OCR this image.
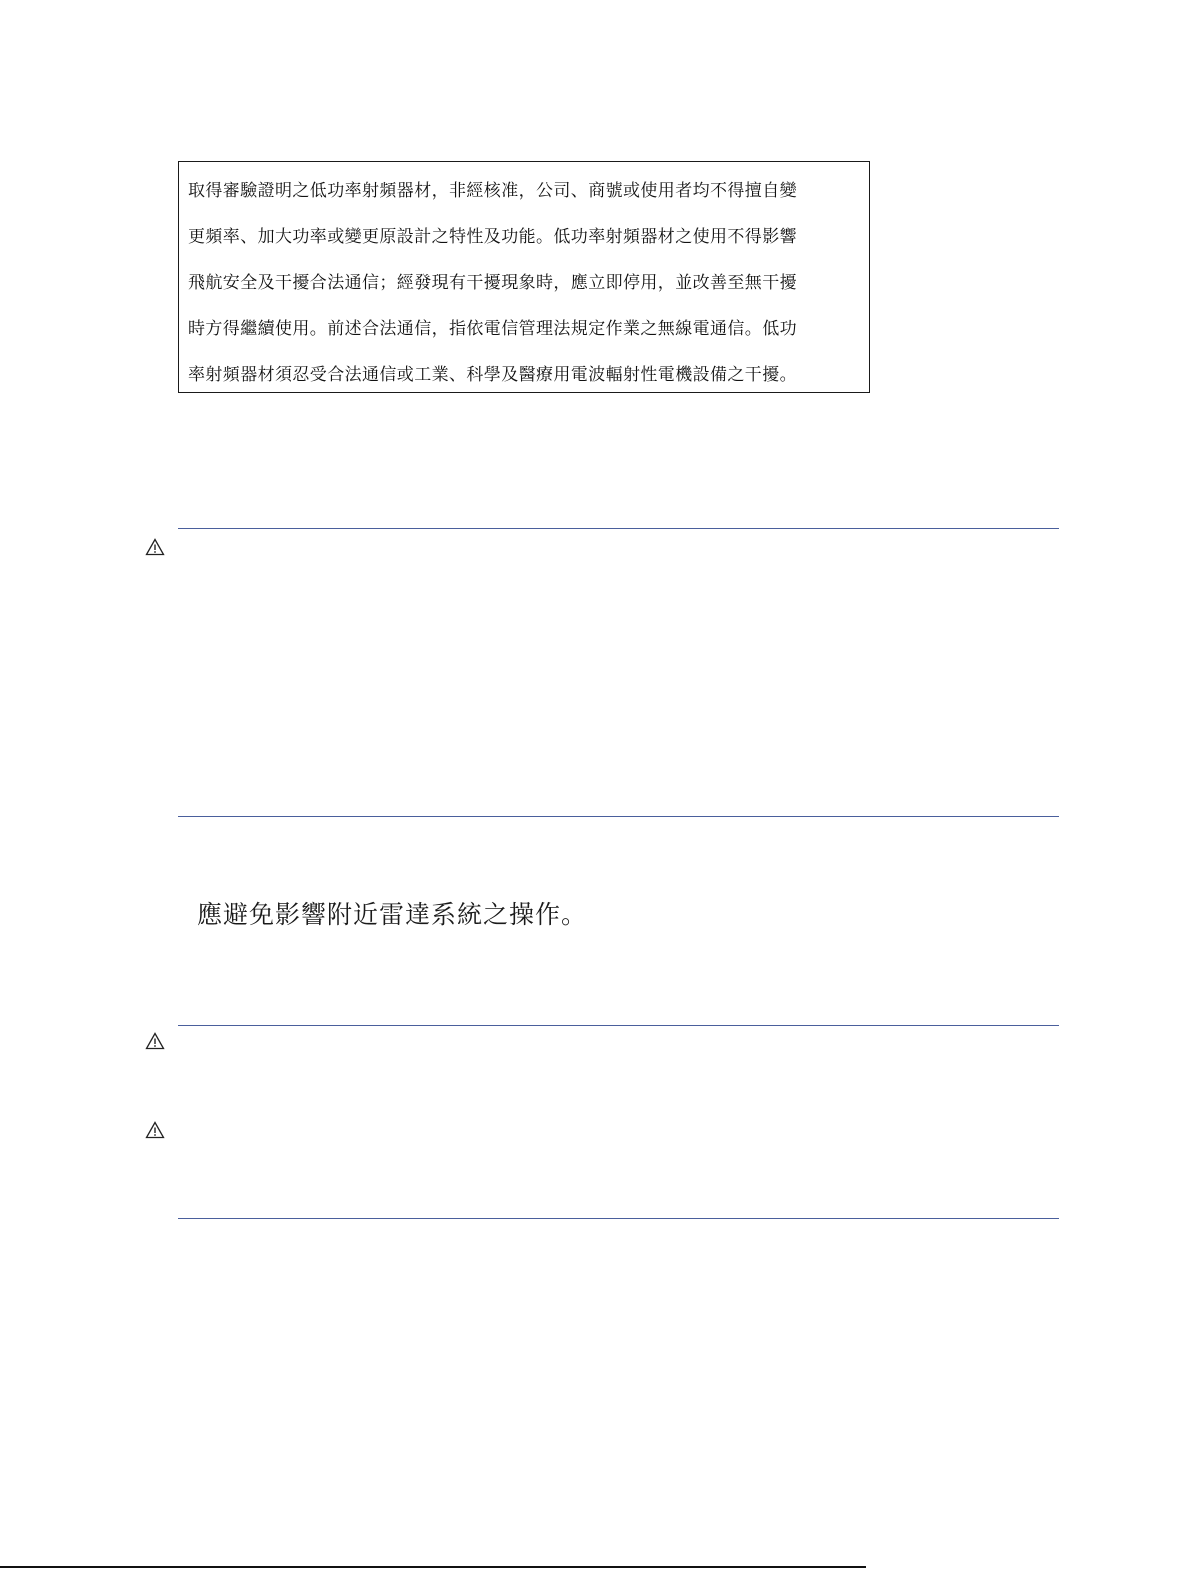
取得審驗證明之低功率射頻器材，非經核准，公司、商號或使用者均不得擅自變
更頻率、加大功率或變更原設計之特性及功能。低功率射頻器材之使用不得影響
飛航安全及干擾合法通信；經發現有干擾現象時，應立即停用，並改善至無干擾
時方得繼續使用。前述合法通信，指依電信管理法規定作業之無線電通信。低功
率射頻器材須忍受合法通信或工業、科學及醫療用電波輻射性電機設備之干擾。
應避免影響附近雷達系統之操作。
